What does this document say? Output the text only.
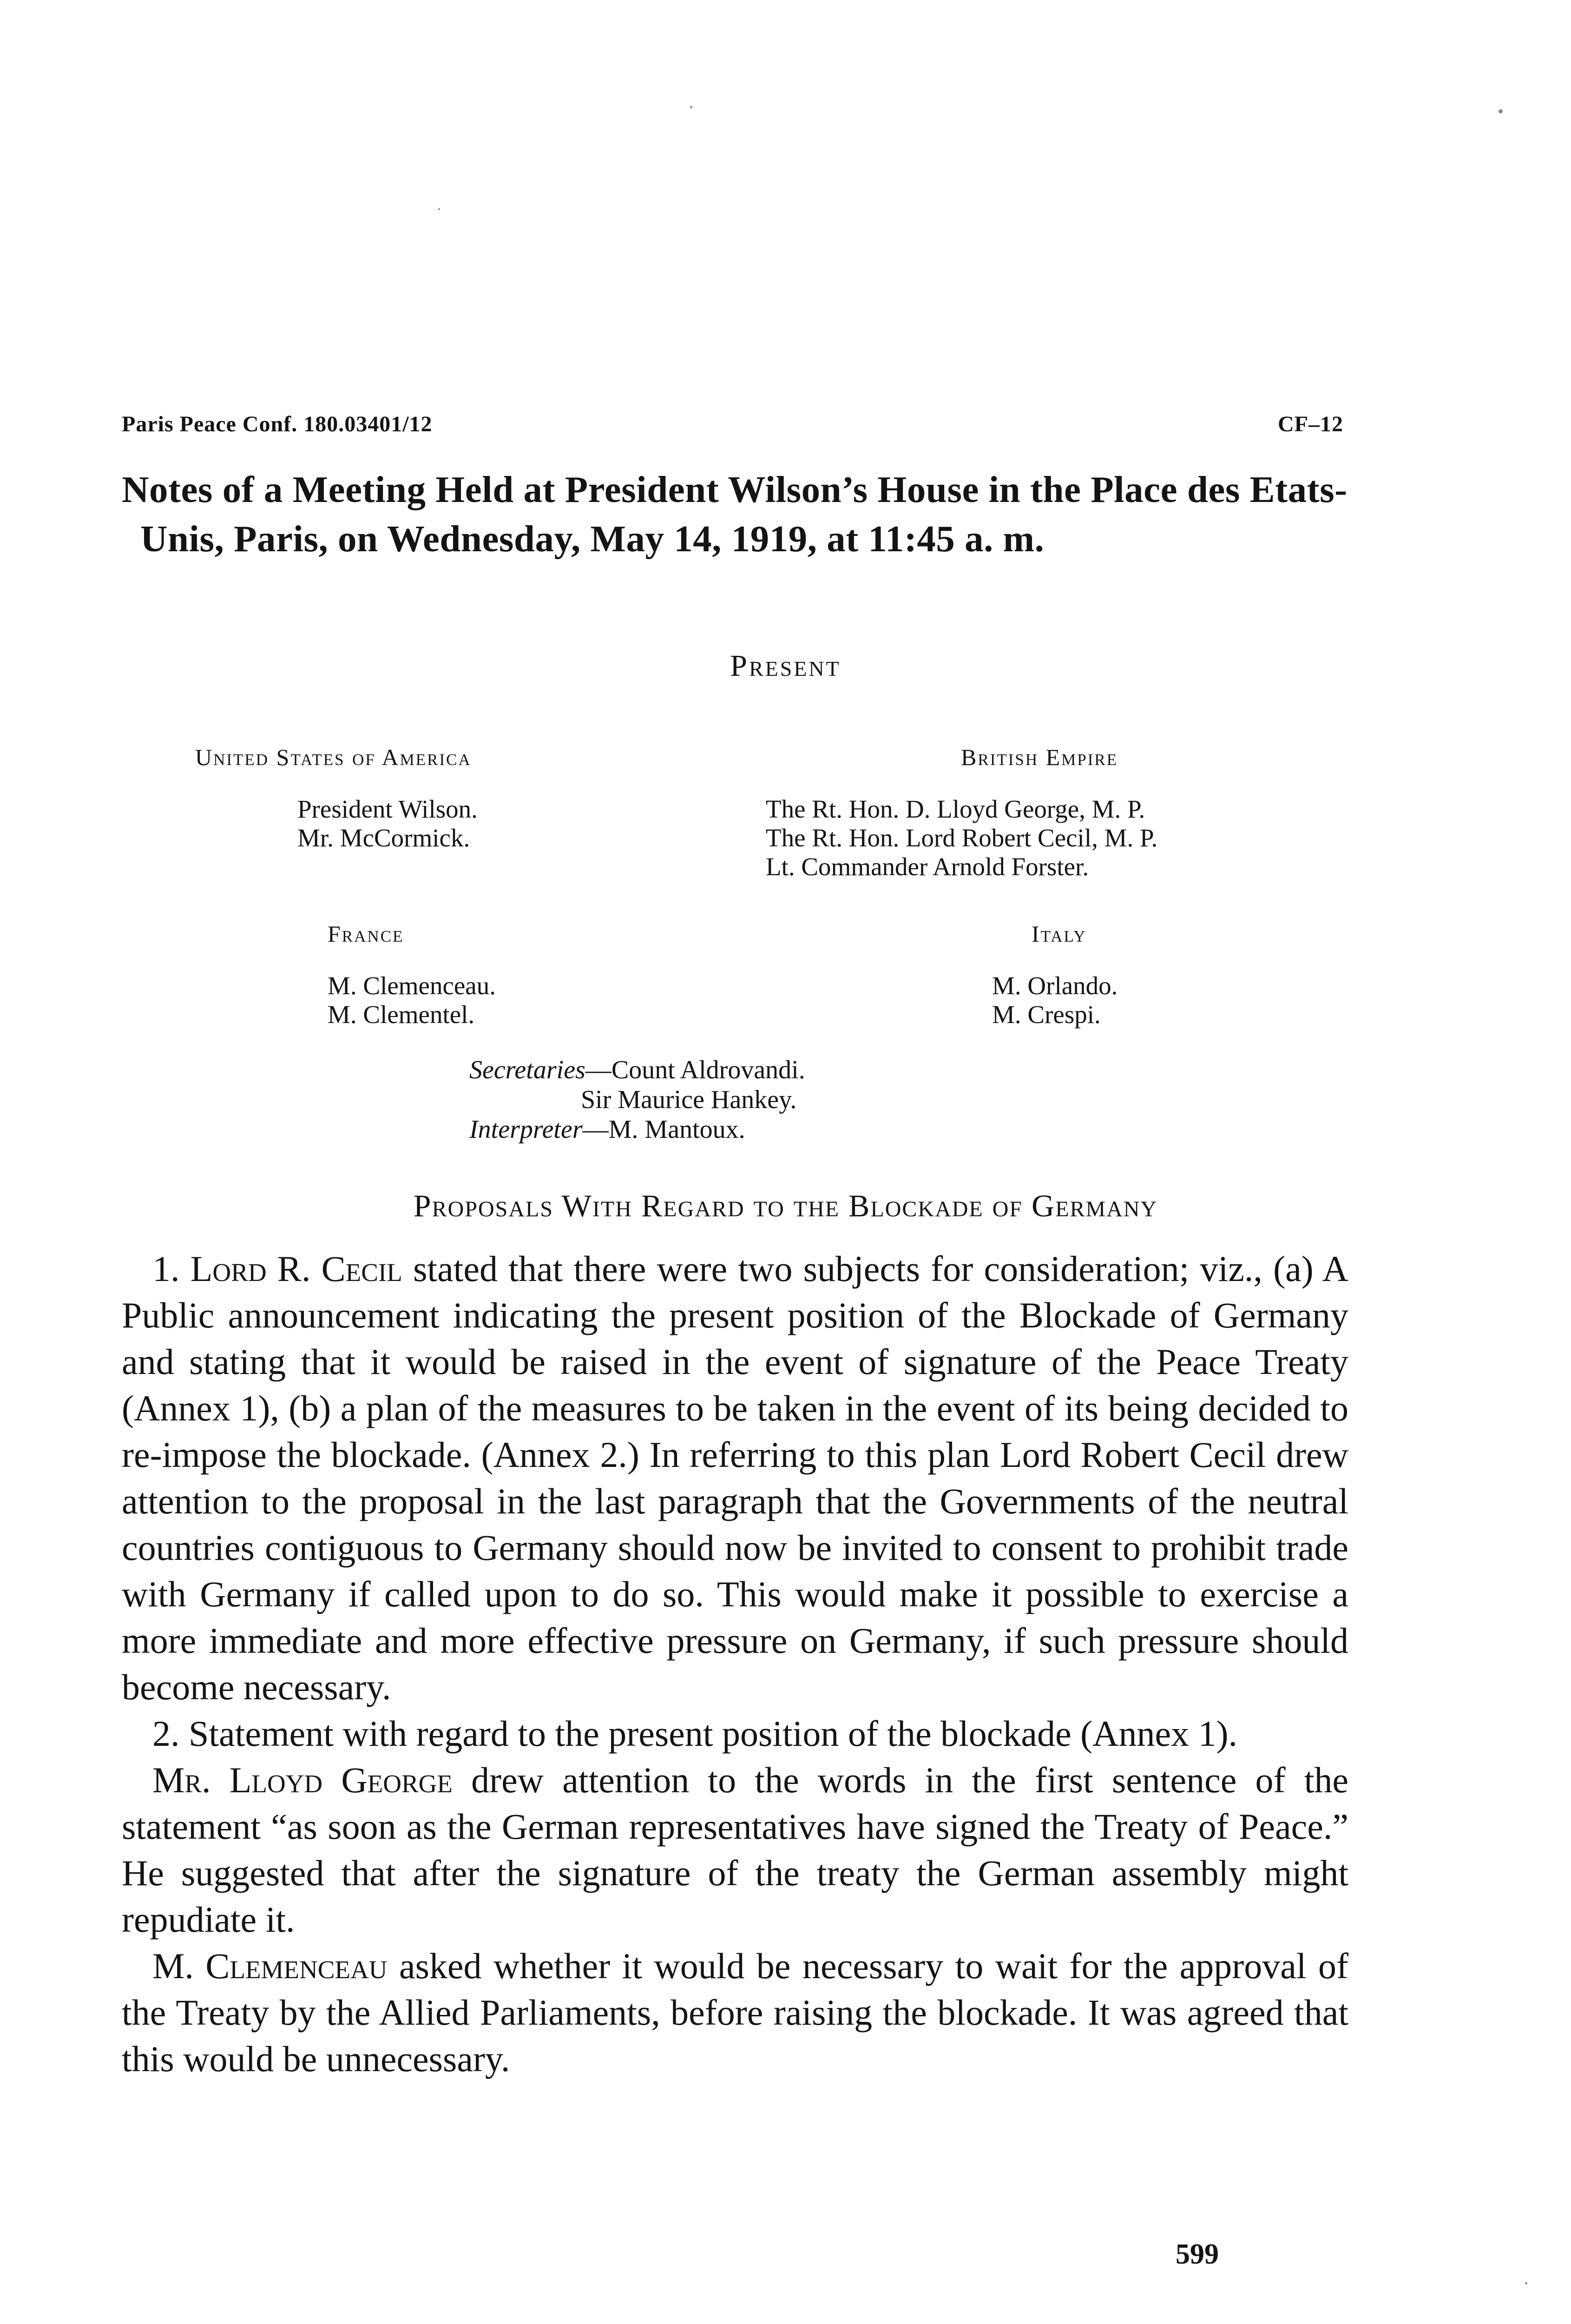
Paris Peace Conf. 180.03401/12	CF–12
Notes of a Meeting Held at President Wilson’s House in the Place des Etats-Unis, Paris, on Wednesday, May 14, 1919, at 11:45 a. m.
Present
United States of America
President Wilson.
Mr. McCormick.
British Empire
The Rt. Hon. D. Lloyd George, M. P.
The Rt. Hon. Lord Robert Cecil, M. P.
Lt. Commander Arnold Forster.
France
M. Clemenceau.
M. Clementel.
Italy
M. Orlando.
M. Crespi.
Secretaries—Count Aldrovandi.
Sir Maurice Hankey.
Interpreter—M. Mantoux.
Proposals With Regard to the Blockade of Germany

1. Lord R. Cecil stated that there were two subjects for consideration; viz., (a) A Public announcement indicating the present position of the Blockade of Germany and stating that it would be raised in the event of signature of the Peace Treaty (Annex 1), (b) a plan of the measures to be taken in the event of its being decided to re-impose the blockade. (Annex 2.) In referring to this plan Lord Robert Cecil drew attention to the proposal in the last paragraph that the Governments of the neutral countries contiguous to Germany should now be invited to consent to prohibit trade with Germany if called upon to do so. This would make it possible to exercise a more immediate and more effective pressure on Germany, if such pressure should become necessary.

2. Statement with regard to the present position of the blockade (Annex 1).

Mr. Lloyd George drew attention to the words in the first sentence of the statement “as soon as the German representatives have signed the Treaty of Peace.” He suggested that after the signature of the treaty the German assembly might repudiate it.

M. Clemenceau asked whether it would be necessary to wait for the approval of the Treaty by the Allied Parliaments, before raising the blockade. It was agreed that this would be unnecessary.

599
